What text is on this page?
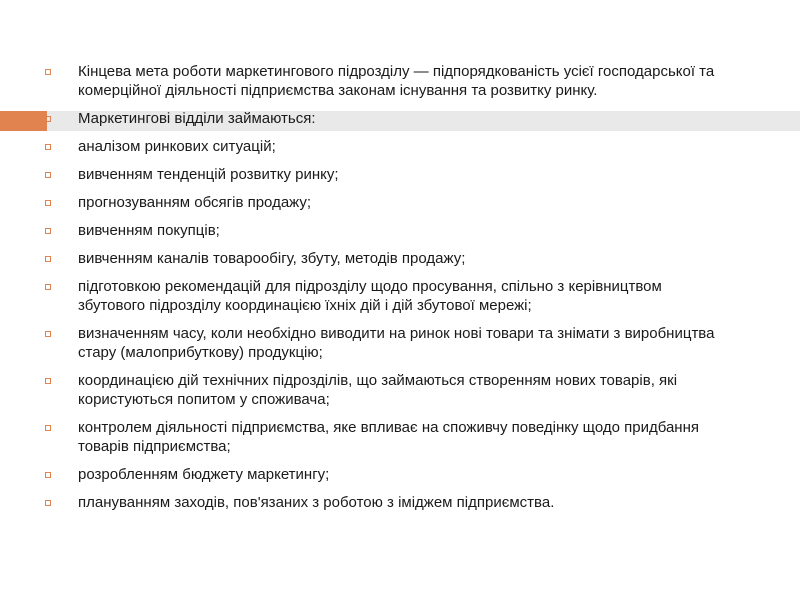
Кінцева мета роботи маркетингового підрозділу — підпорядкованість усієї господарської та комерційної діяльності підприємства законам існування та розвитку ринку.
Маркетингові відділи займаються:
аналізом ринкових ситуацій;
вивченням тенденцій розвитку ринку;
прогнозуванням обсягів продажу;
вивченням покупців;
вивченням каналів товарообігу, збуту, методів продажу;
підготовкою рекомендацій для підрозділу щодо просування, спільно з керівництвом збутового підрозділу координацією їхніх дій і дій збутової мережі;
визначенням часу, коли необхідно виводити на ринок нові товари та знімати з виробництва стару (малоприбуткову) продукцію;
координацією дій технічних підрозділів, що займаються створенням нових товарів, які користуються попитом у споживача;
контролем діяльності підприємства, яке впливає на споживчу поведінку щодо придбання товарів підприємства;
розробленням бюджету маркетингу;
плануванням заходів, пов'язаних з роботою з іміджем підприємства.
